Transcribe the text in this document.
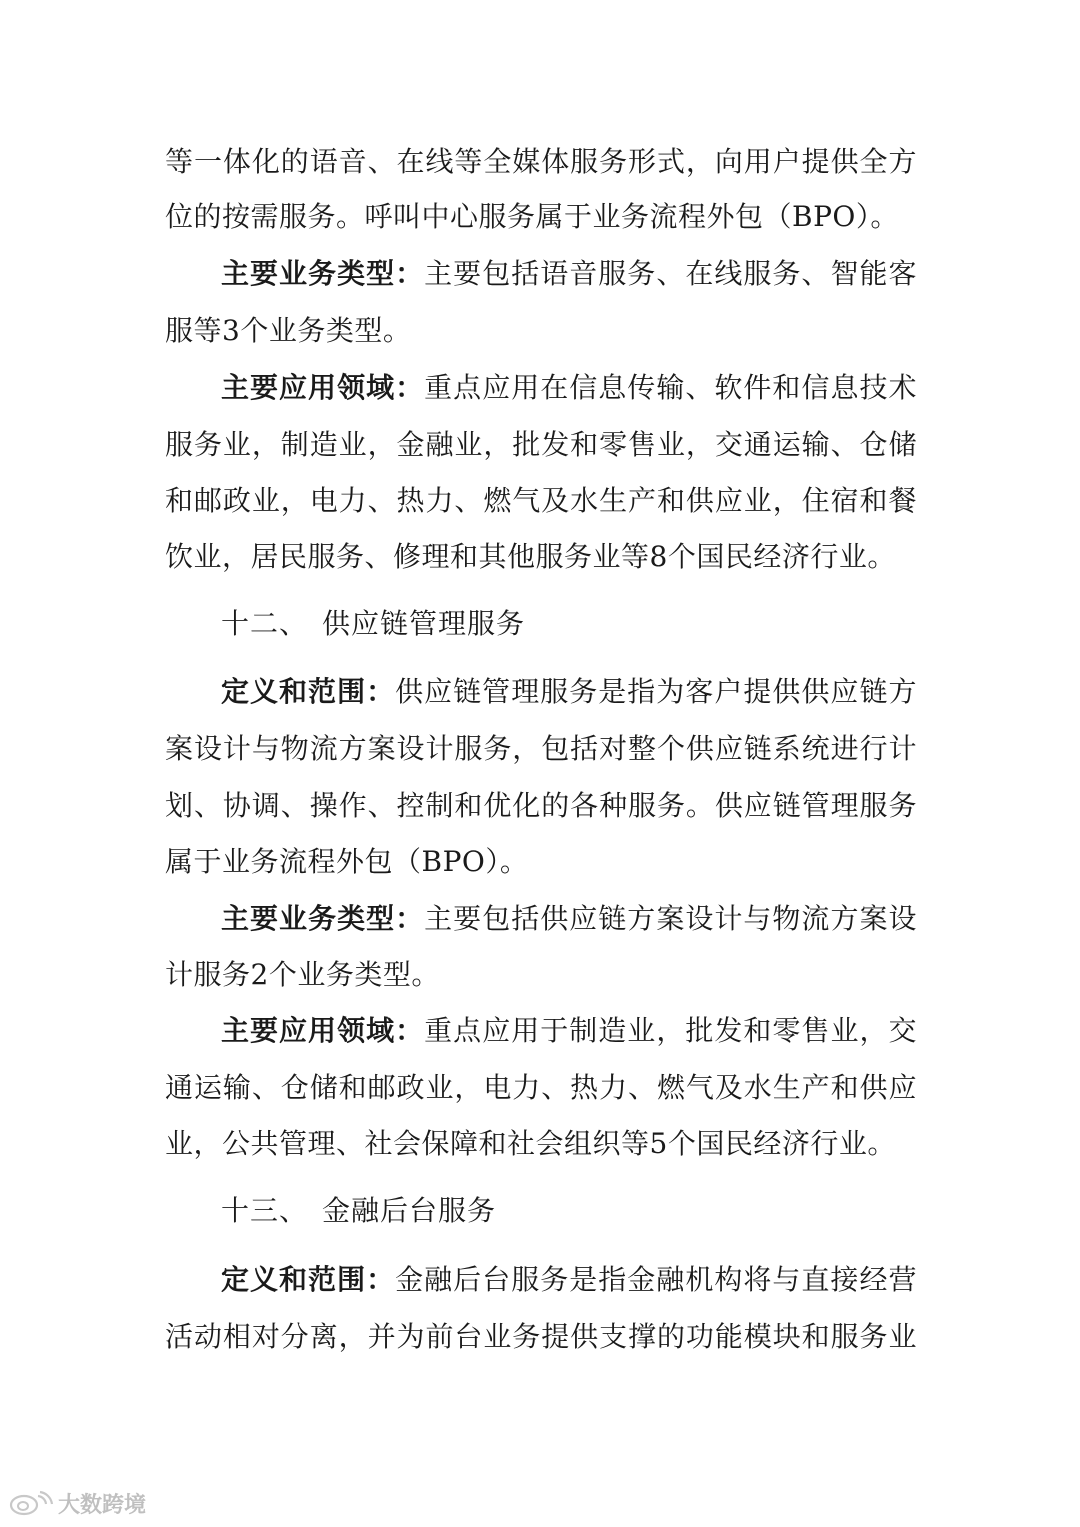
等一体化的语音、在线等全媒体服务形式，向用户提供全方
位的按需服务。呼叫中心服务属于业务流程外包（BPO）。
主要业务类型：主要包括语音服务、在线服务、智能客
服等3个业务类型。
主要应用领域：重点应用在信息传输、软件和信息技术
服务业，制造业，金融业，批发和零售业，交通运输、仓储
和邮政业，电力、热力、燃气及水生产和供应业，住宿和餐
饮业，居民服务、修理和其他服务业等8个国民经济行业。
十二、 供应链管理服务
定义和范围：供应链管理服务是指为客户提供供应链方
案设计与物流方案设计服务，包括对整个供应链系统进行计
划、协调、操作、控制和优化的各种服务。供应链管理服务
属于业务流程外包（BPO）。
主要业务类型：主要包括供应链方案设计与物流方案设
计服务2个业务类型。
主要应用领域：重点应用于制造业，批发和零售业，交
通运输、仓储和邮政业，电力、热力、燃气及水生产和供应
业，公共管理、社会保障和社会组织等5个国民经济行业。
十三、 金融后台服务
定义和范围：金融后台服务是指金融机构将与直接经营
活动相对分离，并为前台业务提供支撑的功能模块和服务业
大数跨境
